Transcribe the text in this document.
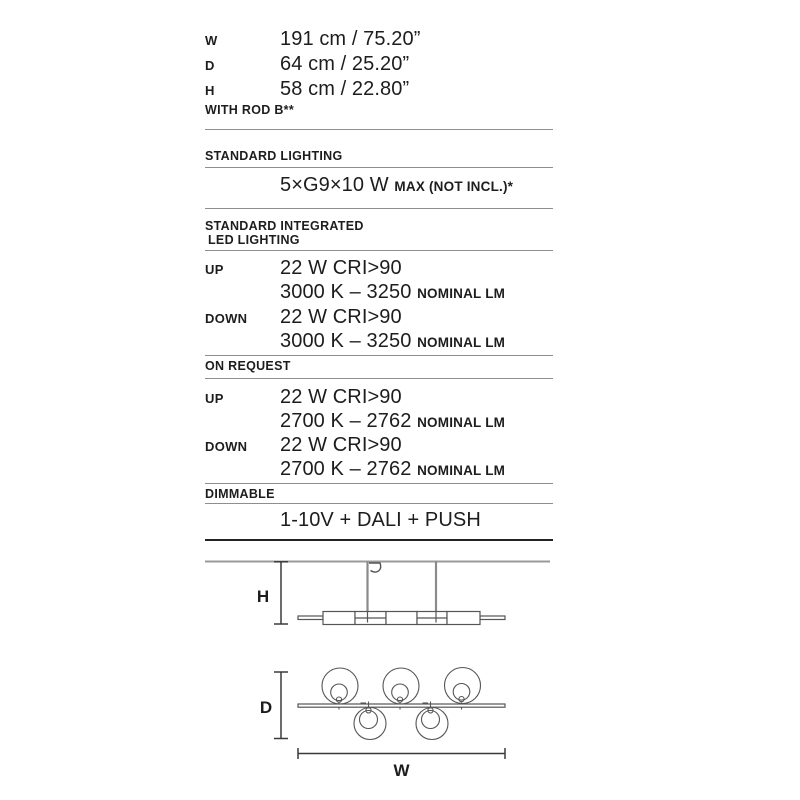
W	191 cm / 75.20”
D	64 cm / 25.20”
H	58 cm / 22.80”
WITH ROD B**
STANDARD LIGHTING
5×G9×10 W MAX (NOT INCL.)*
STANDARD INTEGRATED
LED LIGHTING
UP	22 W CRI>90
3000 K – 3250 NOMINAL LM
DOWN	22 W CRI>90
3000 K – 3250 NOMINAL LM
ON REQUEST
UP	22 W CRI>90
2700 K – 2762 NOMINAL LM
DOWN	22 W CRI>90
2700 K – 2762 NOMINAL LM
DIMMABLE
1-10V + DALI + PUSH
H
D
W
